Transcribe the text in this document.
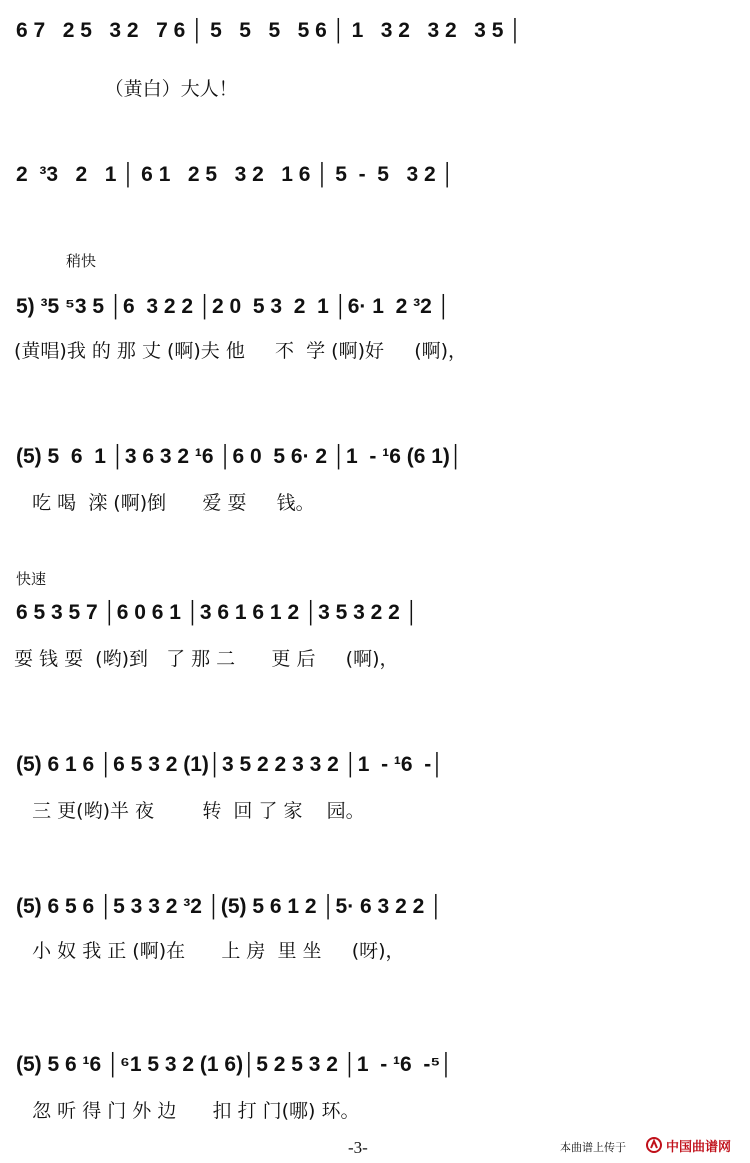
6 7   2 5   3 2   7 6 │ 5   5   5   5 6 │ 1   3 2   3 2   3 5 │
（黄白）大人！
2  ³3   2   1 │ 6 1   2 5   3 2   1 6 │ 5  -  5   3 2 │
稍快
5) ³5 ⁵3 5 │6  3 2 2 │2 0  5 3  2  1 │6· 1  2 ³2 │
(黄唱)我 的 那 丈 (啊)夫 他     不  学 (啊)好     (啊)，
(5) 5  6  1 │3 6 3 2 ¹6 │6 0  5 6· 2 │1  - ¹6 (6 1)│
吃 喝  滦 (啊)倒      爱 耍     钱。
快速
6 5 3 5 7 │6 0 6 1 │3 6 1 6 1 2 │3 5 3 2 2 │
耍 钱 耍  (哟)到   了 那 二      更 后     (啊)，
(5) 6 1 6 │6 5 3 2 (1)│3 5 2 2 3 3 2 │1  - ¹6  -│
三 更(哟)半 夜        转  回 了 家    园。
(5) 6 5 6 │5 3 3 2 ³2 │(5) 5 6 1 2 │5· 6 3 2 2 │
小 奴 我 正 (啊)在      上 房  里 坐     (呀)，
(5) 5 6 ¹6 │⁶1 5 3 2 (1 6)│5 2 5 3 2 │1  - ¹6  -⁵│
忽 听 得 门 外 边      扣 打 门(哪) 环。
-3-	本曲谱上传于	中国曲谱网
